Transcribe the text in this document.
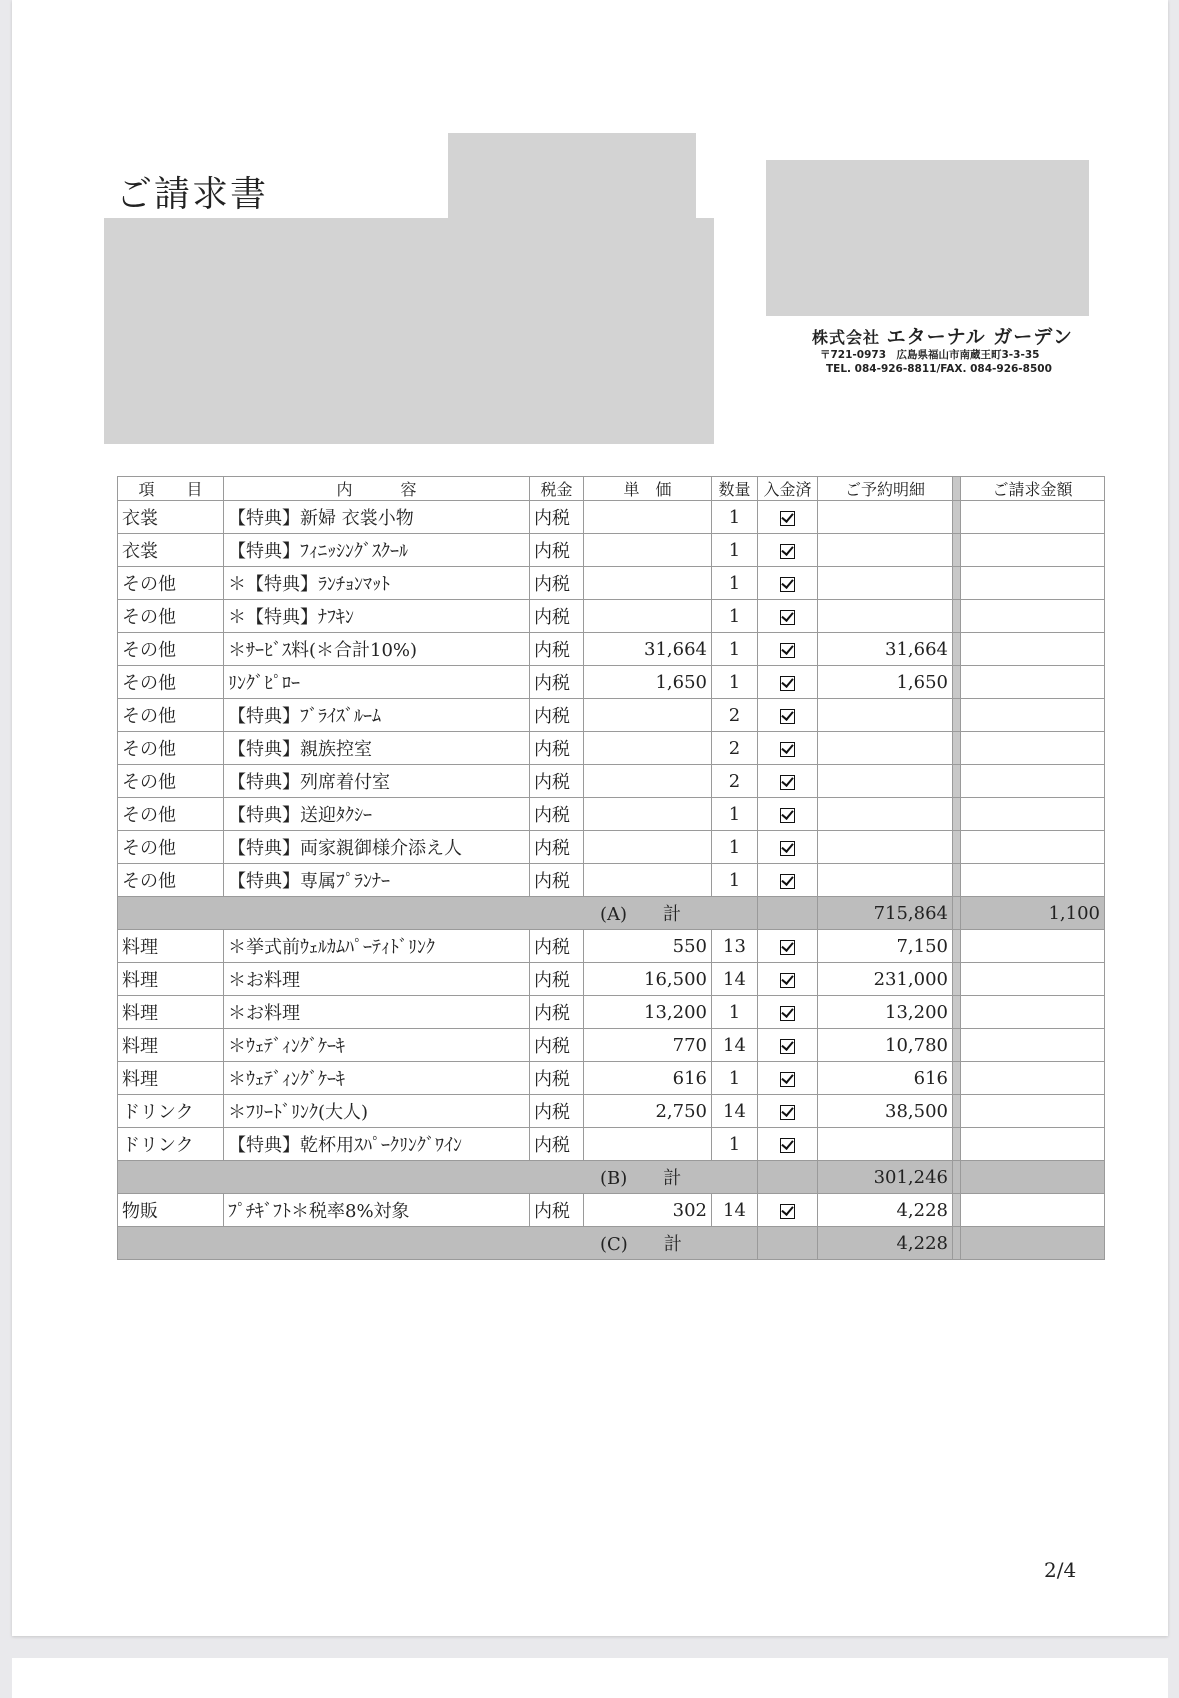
ご請求書
株式会社 エターナル ガーデン
〒721-0973　広島県福山市南蔵王町3-3-35
TEL. 084-926-8811/FAX. 084-926-8500
項　　目	内　　　容	税金	単　価	数量	入金済	ご予約明細		ご請求金額
衣裳	【特典】新婦 衣裳小物	内税		1				
衣裳	【特典】ﾌｨﾆｯｼﾝｸﾞｽｸｰﾙ	内税		1				
その他	＊【特典】ﾗﾝﾁｮﾝﾏｯﾄ	内税		1				
その他	＊【特典】ﾅﾌｷﾝ	内税		1				
その他	＊ｻｰﾋﾞｽ料(＊合計10%)	内税	31,664	1		31,664		
その他	ﾘﾝｸﾞﾋﾟﾛｰ	内税	1,650	1		1,650		
その他	【特典】ﾌﾞﾗｲｽﾞﾙｰﾑ	内税		2				
その他	【特典】親族控室	内税		2				
その他	【特典】列席着付室	内税		2				
その他	【特典】送迎ﾀｸｼｰ	内税		1				
その他	【特典】両家親御様介添え人	内税		1				
その他	【特典】専属ﾌﾟﾗﾝﾅｰ	内税		1				
(A)　　計						715,864		1,100
料理	＊挙式前ｳｪﾙｶﾑﾊﾟｰﾃｨﾄﾞﾘﾝｸ	内税	550	13		7,150		
料理	＊お料理	内税	16,500	14		231,000		
料理	＊お料理	内税	13,200	1		13,200		
料理	＊ｳｪﾃﾞｨﾝｸﾞｹｰｷ	内税	770	14		10,780		
料理	＊ｳｪﾃﾞｨﾝｸﾞｹｰｷ	内税	616	1		616		
ドリンク	＊ﾌﾘｰﾄﾞﾘﾝｸ(大人)	内税	2,750	14		38,500		
ドリンク	【特典】乾杯用ｽﾊﾟｰｸﾘﾝｸﾞﾜｲﾝ	内税		1				
(B)　　計						301,246		
物販	ﾌﾟﾁｷﾞﾌﾄ＊税率8%対象	内税	302	14		4,228		
(C)　　計						4,228		
2/4
